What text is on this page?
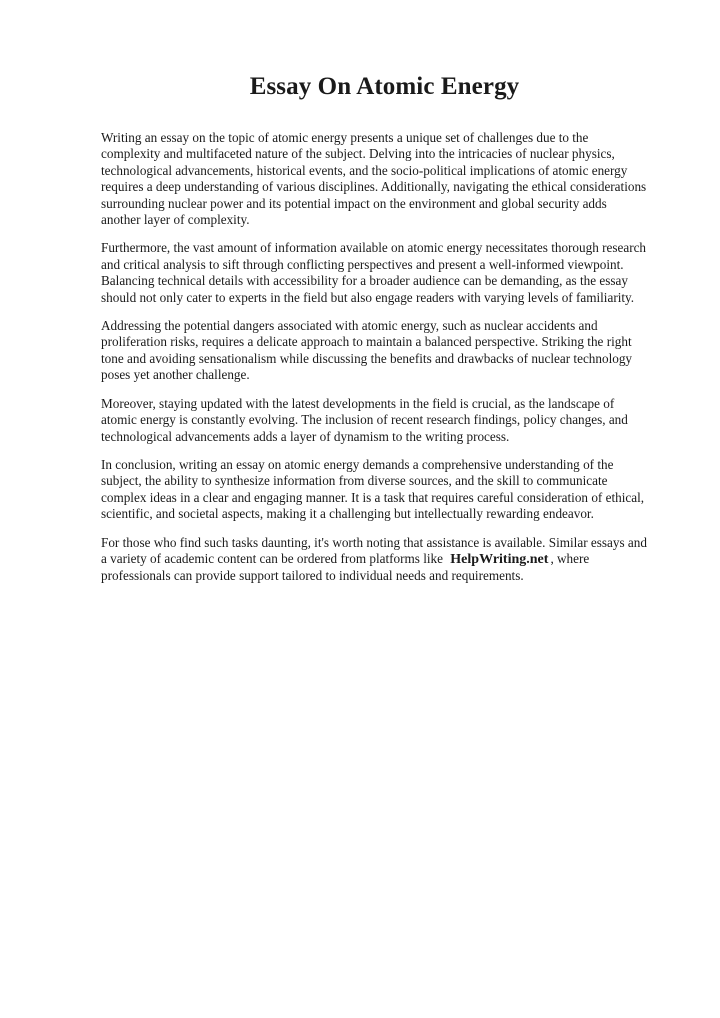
Essay On Atomic Energy

Writing an essay on the topic of atomic energy presents a unique set of challenges due to the complexity and multifaceted nature of the subject. Delving into the intricacies of nuclear physics, technological advancements, historical events, and the socio-political implications of atomic energy requires a deep understanding of various disciplines. Additionally, navigating the ethical considerations surrounding nuclear power and its potential impact on the environment and global security adds another layer of complexity.

Furthermore, the vast amount of information available on atomic energy necessitates thorough research and critical analysis to sift through conflicting perspectives and present a well-informed viewpoint. Balancing technical details with accessibility for a broader audience can be demanding, as the essay should not only cater to experts in the field but also engage readers with varying levels of familiarity.

Addressing the potential dangers associated with atomic energy, such as nuclear accidents and proliferation risks, requires a delicate approach to maintain a balanced perspective. Striking the right tone and avoiding sensationalism while discussing the benefits and drawbacks of nuclear technology poses yet another challenge.

Moreover, staying updated with the latest developments in the field is crucial, as the landscape of atomic energy is constantly evolving. The inclusion of recent research findings, policy changes, and technological advancements adds a layer of dynamism to the writing process.

In conclusion, writing an essay on atomic energy demands a comprehensive understanding of the subject, the ability to synthesize information from diverse sources, and the skill to communicate complex ideas in a clear and engaging manner. It is a task that requires careful consideration of ethical, scientific, and societal aspects, making it a challenging but intellectually rewarding endeavor.

For those who find such tasks daunting, it's worth noting that assistance is available. Similar essays and a variety of academic content can be ordered from platforms like HelpWriting.net , where professionals can provide support tailored to individual needs and requirements.
